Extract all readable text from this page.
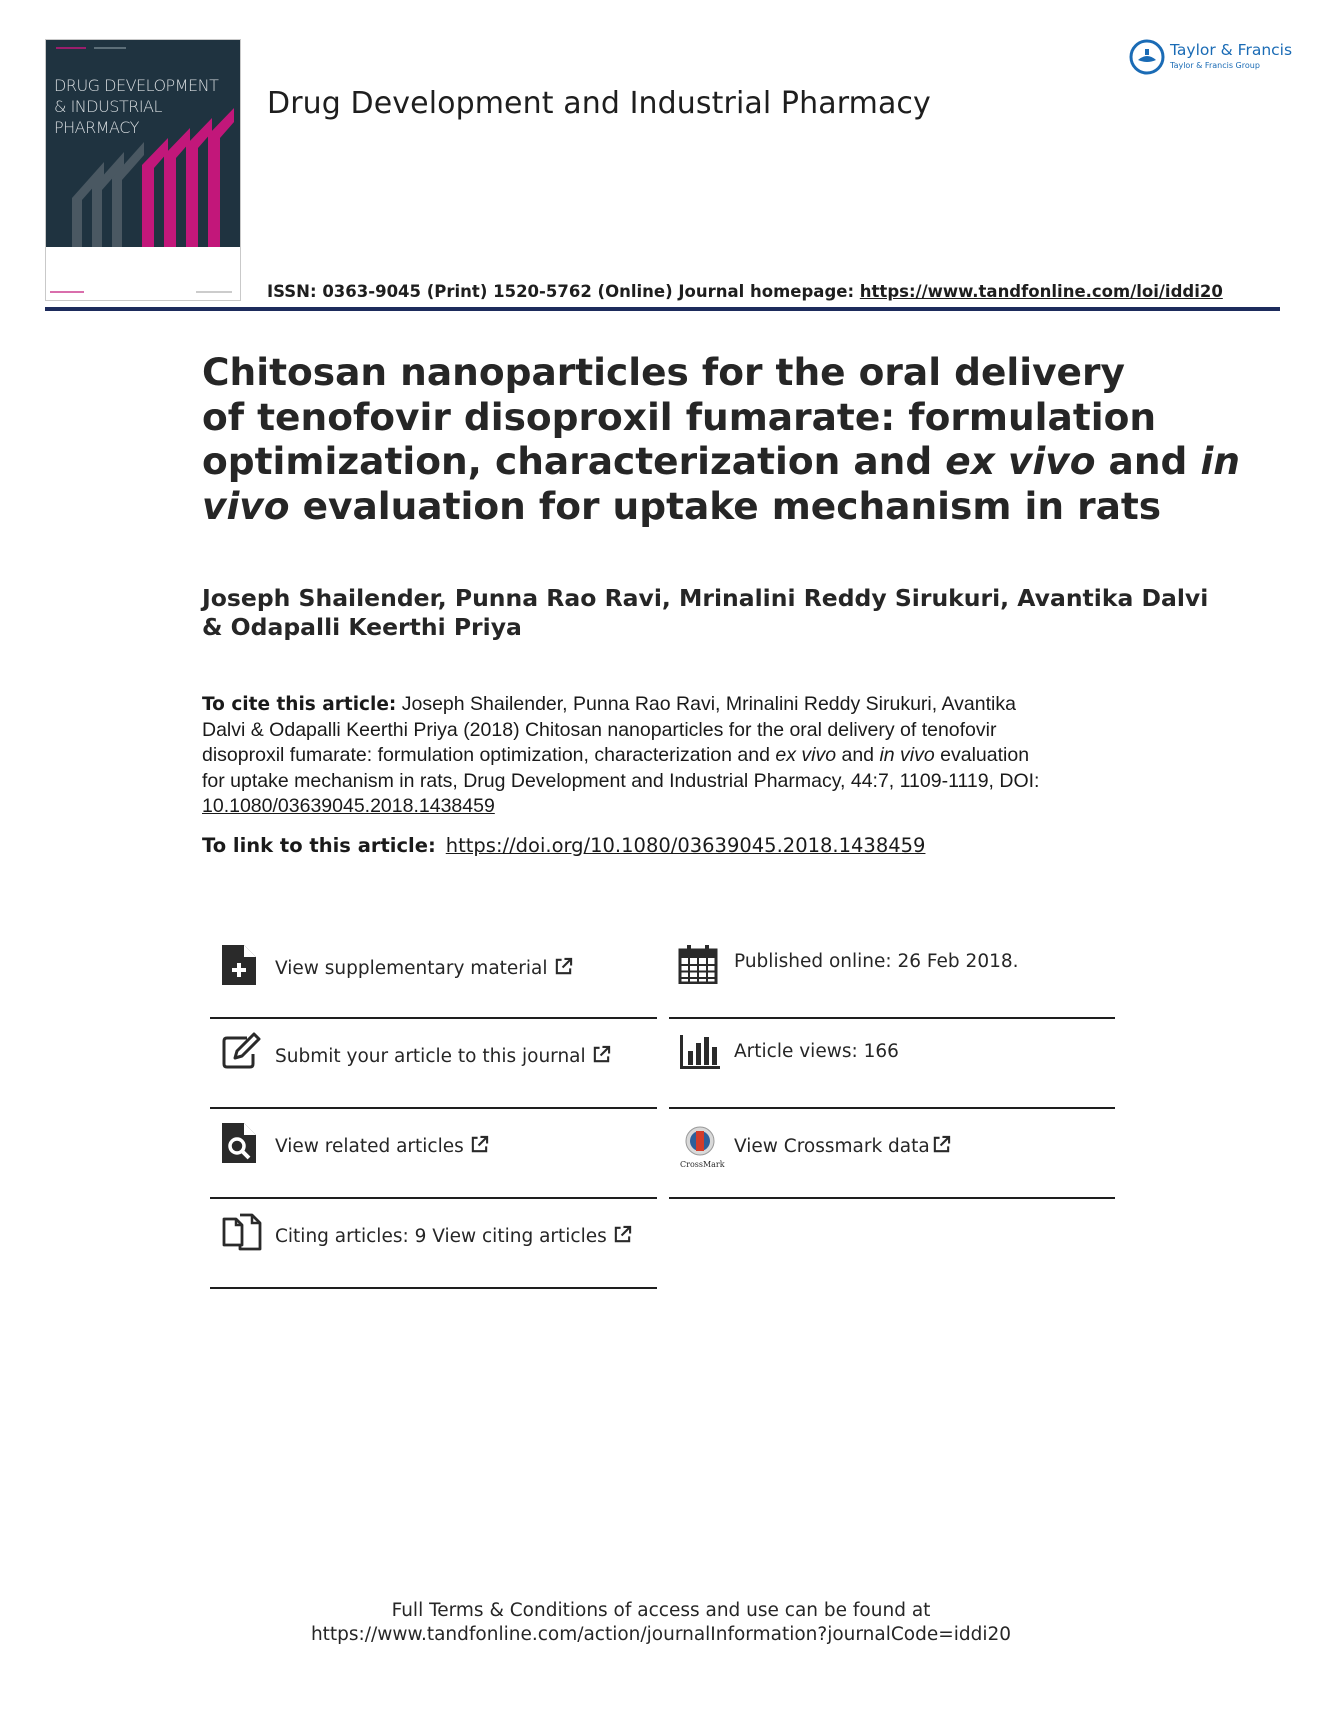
DRUG DEVELOPMENT
& INDUSTRIAL
PHARMACY
Drug Development and Industrial Pharmacy
Taylor & Francis
Taylor & Francis Group
ISSN: 0363-9045 (Print) 1520-5762 (Online) Journal homepage: https://www.tandfonline.com/loi/iddi20
Chitosan nanoparticles for the oral delivery
of tenofovir disoproxil fumarate: formulation
optimization, characterization and ex vivo and in
vivo evaluation for uptake mechanism in rats
Joseph Shailender, Punna Rao Ravi, Mrinalini Reddy Sirukuri, Avantika Dalvi
& Odapalli Keerthi Priya
To cite this article: Joseph Shailender, Punna Rao Ravi, Mrinalini Reddy Sirukuri, Avantika
Dalvi & Odapalli Keerthi Priya (2018) Chitosan nanoparticles for the oral delivery of tenofovir
disoproxil fumarate: formulation optimization, characterization and ex vivo and in vivo evaluation
for uptake mechanism in rats, Drug Development and Industrial Pharmacy, 44:7, 1109-1119, DOI:
10.1080/03639045.2018.1438459
To link to this article: https://doi.org/10.1080/03639045.2018.1438459
View supplementary material
Submit your article to this journal
View related articles
Citing articles: 9 View citing articles
Published online: 26 Feb 2018.
Article views: 166
CrossMark
View Crossmark data
Full Terms & Conditions of access and use can be found at
https://www.tandfonline.com/action/journalInformation?journalCode=iddi20
